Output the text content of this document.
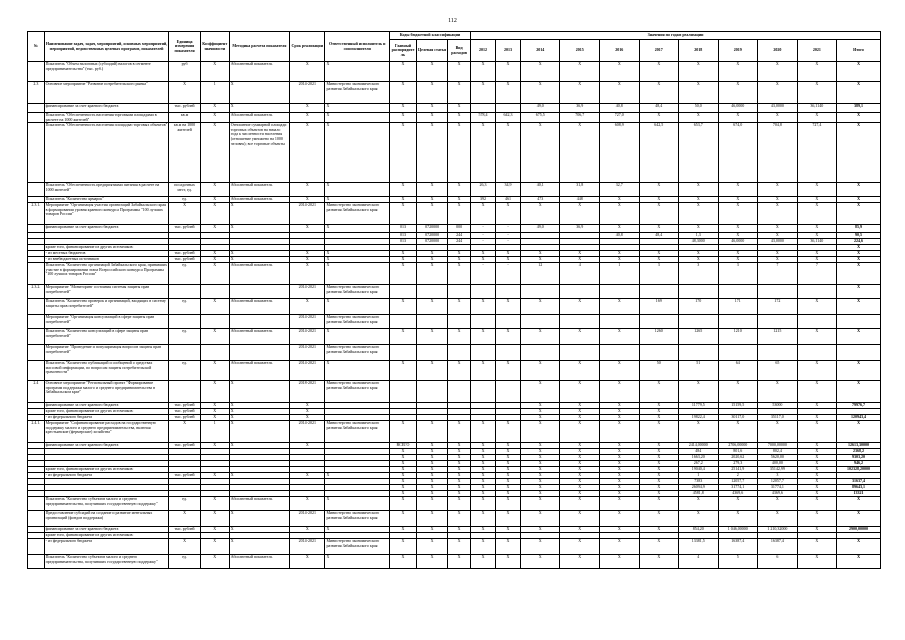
112
№	Наименование задач, задач, мероприятий, основных мероприятий, мероприятий, ведомственных целевых программ, показателей	Единица измерения показателя	Коэффициент значимости	Методика расчета показателя	Срок реализации	Ответственный исполнитель и соисполнители	Коды бюджетной классификации			Значения по годам реализации										
							Главный распорядитель	Целевая статья	Вид расходов	2012	2013	2014	2015	2016	2017	2018	2019	2020	2021	Итого
	Показатель "Объем налоговых (субсидий) налогов в сегменте предпринимательства" (тыс. руб.)	руб	X	Абсолютный показатель	X	X	X	X	X	X	X	X	X	X	X	X	X	X	X	X
2.3	Основное мероприятие "Развитие потребительского рынка"	X	1	X	2014-2021	Министерство экономического развития Забайкальского края	X	X	X	X	X	X	X	X	X	X	X	X	X	X
	финансирование за счет краевого бюджета	тыс. рублей	X	X	X	X	X	X	X			49,0	36,9	40,8	48,4	50,0	46,0000	43,0000	36,1140	389,1
	Показатель "Обеспеченность населения торговыми площадями в расчете на 1000 жителей"	кв.м	X	Абсолютный показатель	X	X	X	X	X	578,4	642,3	675,5	706,7	727,0	X	X	X	X	X	X
	Показатель "Обеспеченность населения площадью торговых объектов"	кв.м на 1000 жителей	X	Отношение суммарной площади торговых объектов на начало года к численности населения (отношение умножено на 1000 человек); все торговые объекты	X	X	X	X	X	X	X	X	X	608,9	642,5	653,7	674,0	704,8	727,4	X
	Показатель "Обеспеченность предприятиями питания в расчете на 1000 жителей"	посадочных мест, ед.	X	Абсолютный показатель	X	X	X	X	X	26,3	34,9	40,1	31,8	32,7	X	X	X	X	X	X
	Показатель "Количество ярмарок"	ед.	X	Абсолютный показатель	X	X	X	X	X	392	461	473	448	X	X	X	X	X	X	X
2.3.1.	Мероприятие "Организация участия организаций Забайкальского края в формировании уровня краевого конкурса Программы "100 лучших товаров России"	X	X	X	2014-2021	Министерство экономического развития Забайкальского края	X	X	X	X	X	X	X	X	X	X	X	X	X	X
	финансирование за счет краевого бюджета	тыс. рублей	X	X	X	X	013	0720000	000	-	-	49,0	36,9	X	X	X	X	X	X	85,9
							013	0720000	244	-	-			40,8	48,4	1,3	X	X	X	90,5
							013	0720000	244	-	-					48,3000	46,0000	43,0000	36,1140	224,6
	кроме того, финансирование из других источников:																			X
	- из местных бюджетов	тыс. рублей	X	X	X	X	X	X	X	X	X	X	X	X	X	X	X	X	X	X
	- из внебюджетных источников	тыс. рублей	X	X	X	X	X	X	X	X	X	X	X	X	X	X	X	X	X	X
	Показатель "Количество организаций Забайкальского края, принявших участие в формировании этапа Всероссийского конкурса Программы "100 лучших товаров России"	ед.	X	Абсолютный показатель	X	X	X	X	X	-	-	12	4	1	3	3	3	7	7	X
2.3.2.	Мероприятие "Мониторинг состояния системы защиты прав потребителей"				2014-2021	Министерство экономического развития Забайкальского края														X
	Показатель "Количество проверок и организаций, входящих в систему защиты прав потребителей"	ед.	X	Абсолютный показатель	X	X	X	X	X	X	X	X	X	X	169	170	171	172	X	X
	Мероприятие "Организация консультаций в сфере защиты прав потребителей"				2014-2021	Министерство экономического развития Забайкальского края														
	Показатель "Количество консультаций в сфере защиты прав потребителей"	ед.	X	Абсолютный показатель	2014-2021	X	X	X	X	X	X	X	X	X	1260	1265	1210	1215	X	X
	Мероприятие "Проведение и популяризация вопросов защиты прав потребителей"				2014-2021	Министерство экономического развития Забайкальского края														
	Показатель "Количество публикаций и сообщений о средствах массовой информации, по вопросам защиты потребительской грамотности"	ед.	X	Абсолютный показатель	2014-2021	X	X	X	X	X	X	X	X	X	50	51	64	65	X	X
2.4	Основное мероприятие "Региональный проект "Формирование программ поддержки малого и среднего предпринимательства в Забайкальском крае"		X	X	2018-2021	Министерство экономического развития Забайкальского края						X	X	X	X	X	X	X	X	X
	финансирование за счет краевого бюджета	тыс. рублей	X	X	X							X	X	X	X	11779,5	15159,5	53000	X	79976,7
	кроме того, финансирование из других источников:	тыс. рублей	X	X	X							X	X	X	X					
	- из федерального бюджета	тыс. рублей	X	X	X							X	X	X	X	19822,4	30117,0	35117,0	X	120943,4
2.4.1.	Мероприятие "Софинансирование расходов на государственную поддержку малого и среднего предпринимательства, включая крестьянские (фермерские) хозяйства"	X	1	X	2014-2021	Министерство экономического развития Забайкальского края	X	X	X	X	X	X	X	X	X	X	X	X	X	X
	финансирование за счет краевого бюджета	тыс. рублей	X	X	X		ВСЕГО	X	X	X	X	X	X	X	X	2414,00000	2706,00000	7000,00000	X	12613,30000
							X	X	X	X	X	X	X	X	X	484	801,6	802,4	X	2368,2
							X	X	X	X	X	X	X	X	X	1663,20	2020,62	5620,00	X	9303,20
							X	X	X	X	X	X	X	X	X	267,2	279,3	400,00	X	946,2
	кроме того, финансирование из других источников:						X	X	X	X	X	X	X	X	X	19040,4	25141,9	35142,99	X	102328,20000
	- из федерального бюджета	тыс. рублей	X	X	X	X	X	X	X	X	X	X	X	X	X	1	2	3	X	
							X	X	X	X	X	X	X	X	X	7383	12057,7	12057,7	X	31637,4
							X	X	X	X	X	X	X	X	X	26094,9	31774,1	31774,1	X	89643,1
							X	X	X	X	X	X	X	X	X	4581,8	4369,6	4369,6	X	13321
	Показатель "Количество субъектов малого и среднего предпринимательства, получивших государственную поддержку"	ед.	X	Абсолютный показатель	X	X	X	X	X	X	X	X	X	X	X	X	X	X	X	X
	Предоставление субсидий на создание и развитие ментальных организаций (фондов поддержки)	X	X	X	2014-2021	Министерство экономического развития Забайкальского края	X	X	X	X	X	X	X	X	X	X	X	X	X	X
	финансирование за счет краевого бюджета	тыс. рублей	X	X	X	X	X	X	X	X	X	X	X	X	X	854,20	1 046,00000	1 210,32000	X	2900,00000
	кроме того, финансирование из других источников:																			
	- из федерального бюджета	X	X	X	2014-2021	Министерство экономического развития Забайкальского края	X	X	X	X	X	X	X	X	X	13381,5	16387,4	16387,4	X	X
	Показатель "Количество субъектов малого и среднего предпринимательства, получивших государственную поддержку"	ед.	X	Абсолютный показатель	X	X	X	X	X	X	X	X	X	X	X	4	5	6	X	X
